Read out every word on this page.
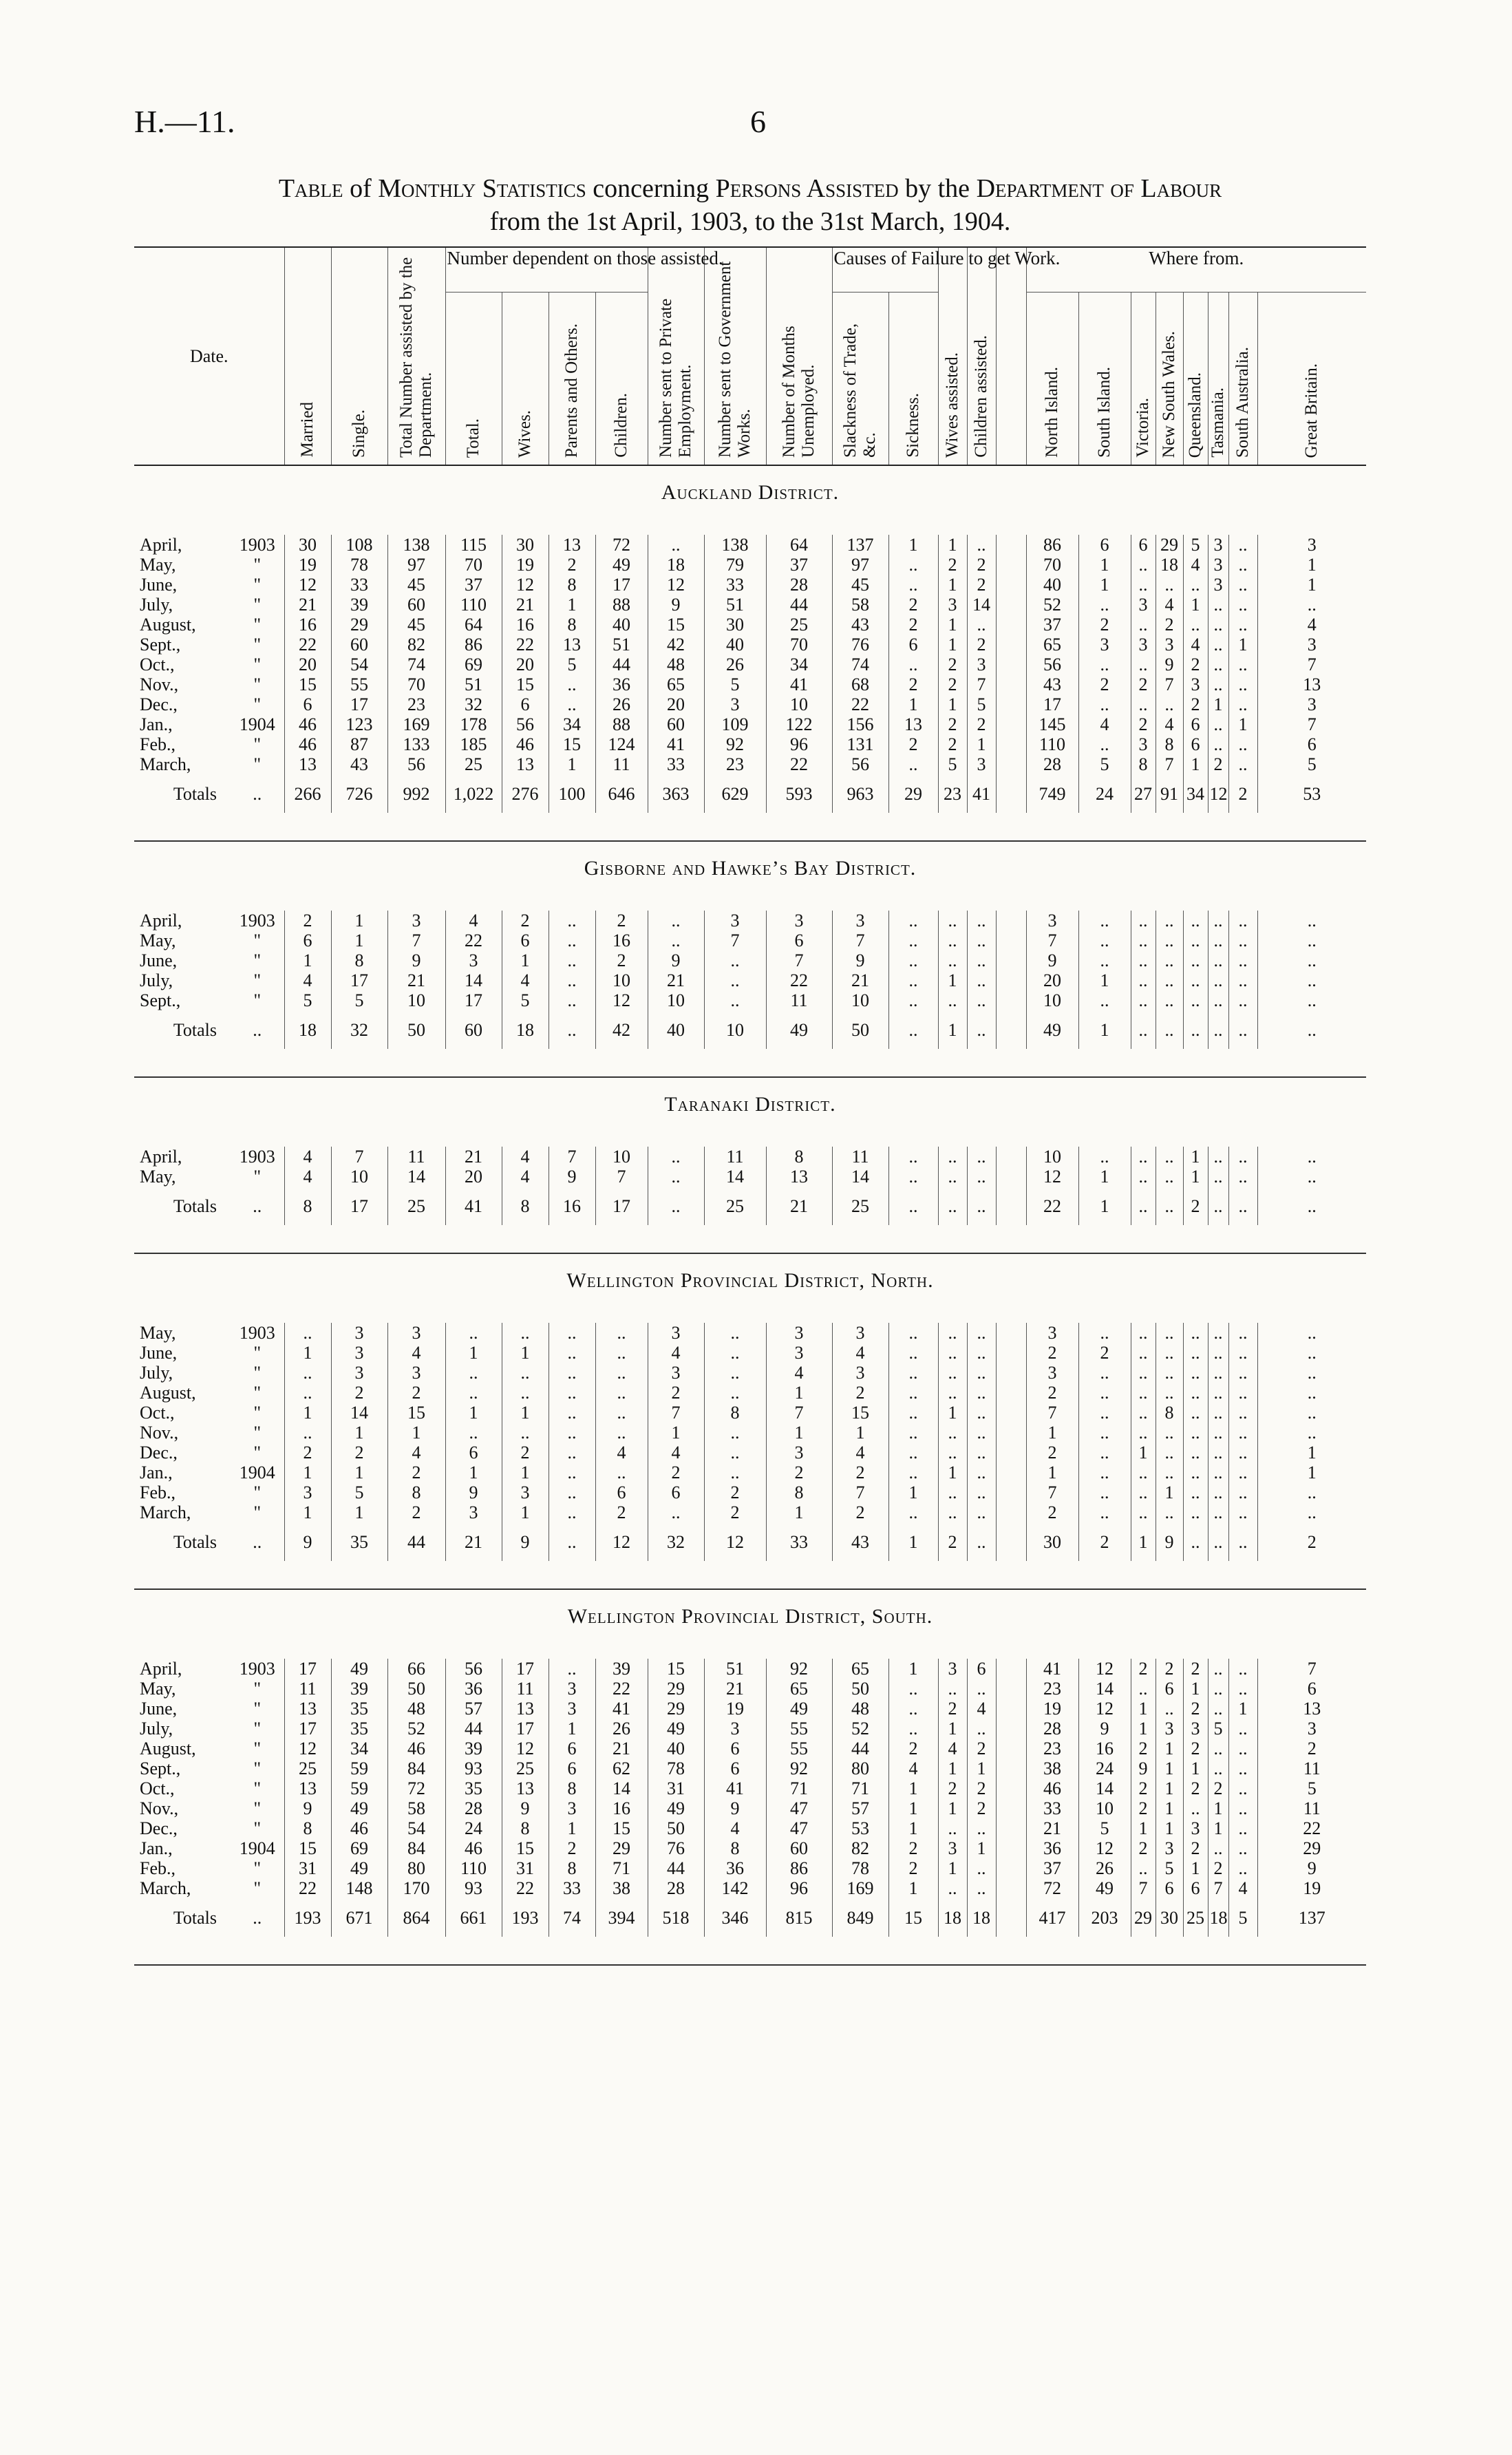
H.—11.	6
Table of Monthly Statistics concerning Persons Assisted by the Department of Labour
from the 1st April, 1903, to the 31st March, 1904.
Date.		Married	Single.	Total Number assisted by the Department.	Number dependent on those assisted.				Number sent to Private Employment.	Number sent to Government Works.	Number of Months Unemployed.	Causes of Failure to get Work.		Wives assisted.	Children assisted.		Where from.							
					Total.	Wives.	Parents and Others.	Children.				Slackness of Trade, &c.	Sickness.				North Island.	South Island.	Victoria.	New South Wales.	Queensland.	Tasmania.	South Australia.	Great Britain.
Auckland District.																								

April,	1903	30	108	138	115	30	13	72	..	138	64	137	1	1	..		86	6	6	29	5	3	..	3
May,	"	19	78	97	70	19	2	49	18	79	37	97	..	2	2		70	1	..	18	4	3	..	1
June,	"	12	33	45	37	12	8	17	12	33	28	45	..	1	2		40	1	..	..	..	3	..	1
July,	"	21	39	60	110	21	1	88	9	51	44	58	2	3	14		52	..	3	4	1	..	..	..
August,	"	16	29	45	64	16	8	40	15	30	25	43	2	1	..		37	2	..	2	..	..	..	4
Sept.,	"	22	60	82	86	22	13	51	42	40	70	76	6	1	2		65	3	3	3	4	..	1	3
Oct.,	"	20	54	74	69	20	5	44	48	26	34	74	..	2	3		56	..	..	9	2	..	..	7
Nov.,	"	15	55	70	51	15	..	36	65	5	41	68	2	2	7		43	2	2	7	3	..	..	13
Dec.,	"	6	17	23	32	6	..	26	20	3	10	22	1	1	5		17	..	..	..	2	1	..	3
Jan.,	1904	46	123	169	178	56	34	88	60	109	122	156	13	2	2		145	4	2	4	6	..	1	7
Feb.,	"	46	87	133	185	46	15	124	41	92	96	131	2	2	1		110	..	3	8	6	..	..	6
March,	"	13	43	56	25	13	1	11	33	23	22	56	..	5	3		28	5	8	7	1	2	..	5
Totals	..	266	726	992	1,022	276	100	646	363	629	593	963	29	23	41		749	24	27	91	34	12	2	53

Gisborne and Hawke’s Bay District.																								

April,	1903	2	1	3	4	2	..	2	..	3	3	3	..	..	..		3	..	..	..	..	..	..	..
May,	"	6	1	7	22	6	..	16	..	7	6	7	..	..	..		7	..	..	..	..	..	..	..
June,	"	1	8	9	3	1	..	2	9	..	7	9	..	..	..		9	..	..	..	..	..	..	..
July,	"	4	17	21	14	4	..	10	21	..	22	21	..	1	..		20	1	..	..	..	..	..	..
Sept.,	"	5	5	10	17	5	..	12	10	..	11	10	..	..	..		10	..	..	..	..	..	..	..
Totals	..	18	32	50	60	18	..	42	40	10	49	50	..	1	..		49	1	..	..	..	..	..	..

Taranaki District.																								

April,	1903	4	7	11	21	4	7	10	..	11	8	11	..	..	..		10	..	..	..	1	..	..	..
May,	"	4	10	14	20	4	9	7	..	14	13	14	..	..	..		12	1	..	..	1	..	..	..
Totals	..	8	17	25	41	8	16	17	..	25	21	25	..	..	..		22	1	..	..	2	..	..	..

Wellington Provincial District, North.																								

May,	1903	..	3	3	..	..	..	..	3	..	3	3	..	..	..		3	..	..	..	..	..	..	..
June,	"	1	3	4	1	1	..	..	4	..	3	4	..	..	..		2	2	..	..	..	..	..	..
July,	"	..	3	3	..	..	..	..	3	..	4	3	..	..	..		3	..	..	..	..	..	..	..
August,	"	..	2	2	..	..	..	..	2	..	1	2	..	..	..		2	..	..	..	..	..	..	..
Oct.,	"	1	14	15	1	1	..	..	7	8	7	15	..	1	..		7	..	..	8	..	..	..	..
Nov.,	"	..	1	1	..	..	..	..	1	..	1	1	..	..	..		1	..	..	..	..	..	..	..
Dec.,	"	2	2	4	6	2	..	4	4	..	3	4	..	..	..		2	..	1	..	..	..	..	1
Jan.,	1904	1	1	2	1	1	..	..	2	..	2	2	..	1	..		1	..	..	..	..	..	..	1
Feb.,	"	3	5	8	9	3	..	6	6	2	8	7	1	..	..		7	..	..	1	..	..	..	..
March,	"	1	1	2	3	1	..	2	..	2	1	2	..	..	..		2	..	..	..	..	..	..	..
Totals	..	9	35	44	21	9	..	12	32	12	33	43	1	2	..		30	2	1	9	..	..	..	2

Wellington Provincial District, South.																								

April,	1903	17	49	66	56	17	..	39	15	51	92	65	1	3	6		41	12	2	2	2	..	..	7
May,	"	11	39	50	36	11	3	22	29	21	65	50	..	..	..		23	14	..	6	1	..	..	6
June,	"	13	35	48	57	13	3	41	29	19	49	48	..	2	4		19	12	1	..	2	..	1	13
July,	"	17	35	52	44	17	1	26	49	3	55	52	..	1	..		28	9	1	3	3	5	..	3
August,	"	12	34	46	39	12	6	21	40	6	55	44	2	4	2		23	16	2	1	2	..	..	2
Sept.,	"	25	59	84	93	25	6	62	78	6	92	80	4	1	1		38	24	9	1	1	..	..	11
Oct.,	"	13	59	72	35	13	8	14	31	41	71	71	1	2	2		46	14	2	1	2	2	..	5
Nov.,	"	9	49	58	28	9	3	16	49	9	47	57	1	1	2		33	10	2	1	..	1	..	11
Dec.,	"	8	46	54	24	8	1	15	50	4	47	53	1	..	..		21	5	1	1	3	1	..	22
Jan.,	1904	15	69	84	46	15	2	29	76	8	60	82	2	3	1		36	12	2	3	2	..	..	29
Feb.,	"	31	49	80	110	31	8	71	44	36	86	78	2	1	..		37	26	..	5	1	2	..	9
March,	"	22	148	170	93	22	33	38	28	142	96	169	1	..	..		72	49	7	6	6	7	4	19
Totals	..	193	671	864	661	193	74	394	518	346	815	849	15	18	18		417	203	29	30	25	18	5	137
